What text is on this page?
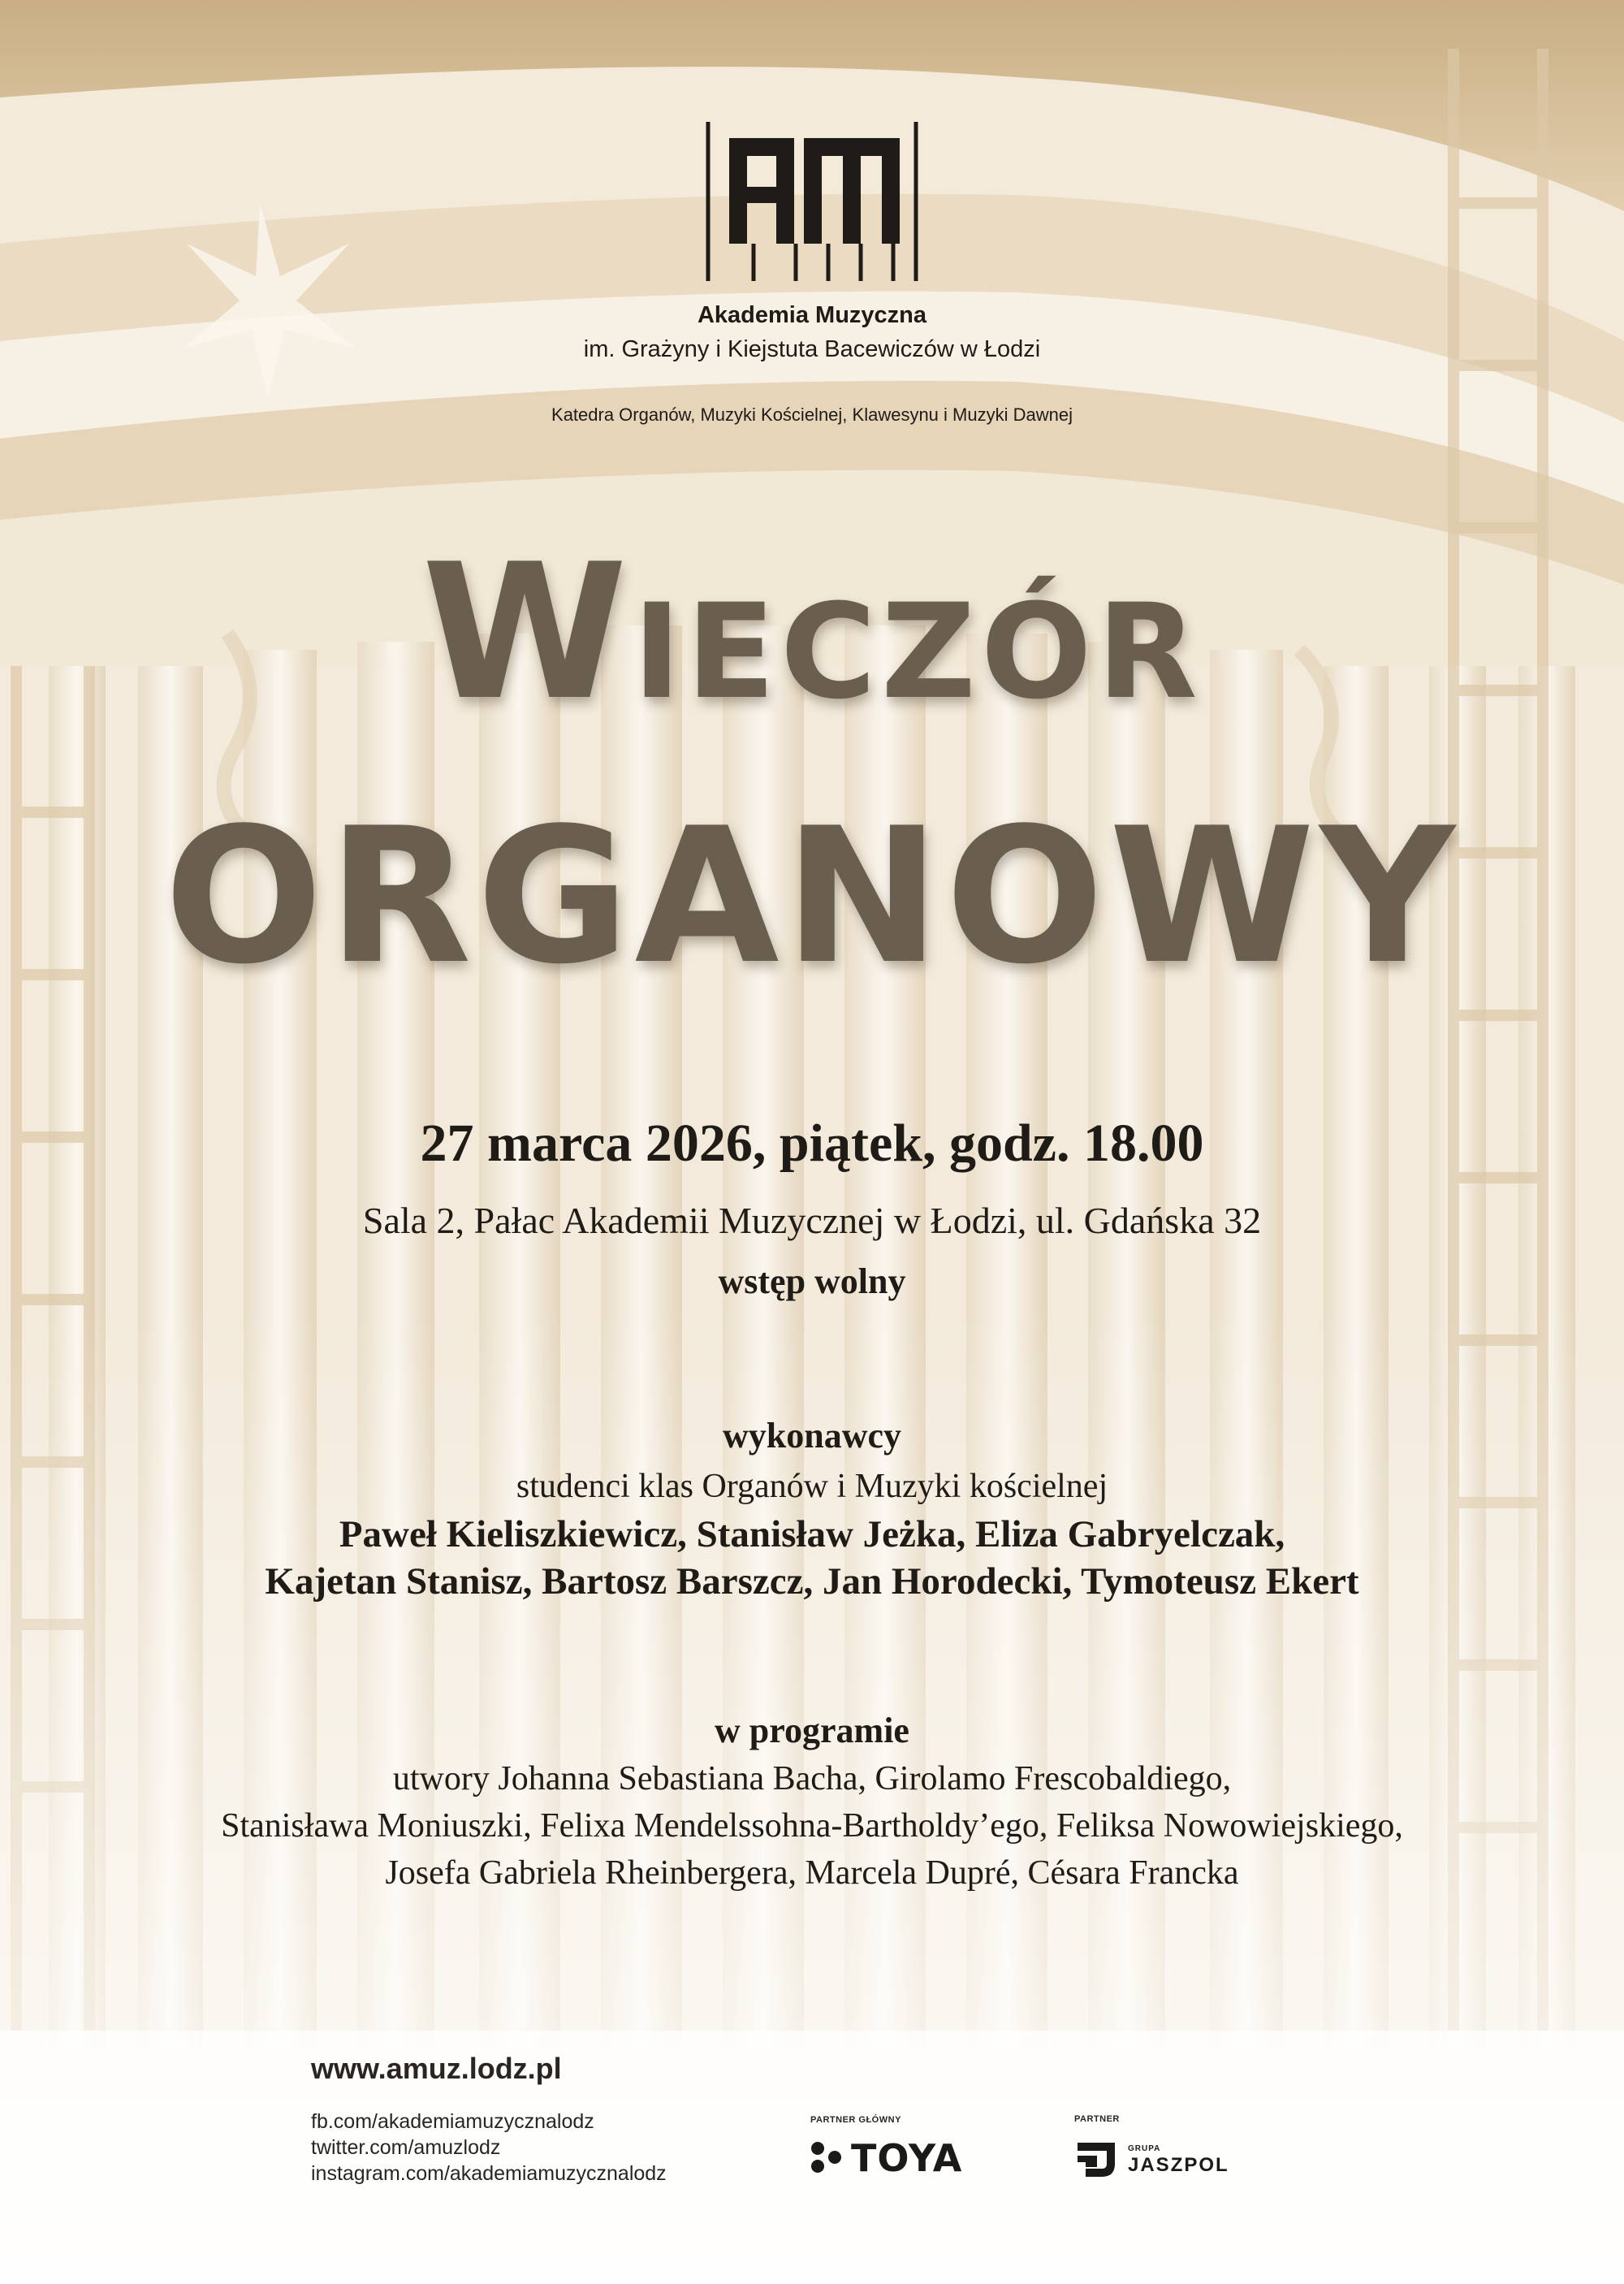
Akademia Muzyczna
im. Grażyny i Kiejstuta Bacewiczów w Łodzi
Katedra Organów, Muzyki Kościelnej, Klawesynu i Muzyki Dawnej
Wieczór
ORGANOWY
27 marca 2026, piątek, godz. 18.00
Sala 2, Pałac Akademii Muzycznej w Łodzi, ul. Gdańska 32
wstęp wolny
wykonawcy
studenci klas Organów i Muzyki kościelnej
Paweł Kieliszkiewicz, Stanisław Jeżka, Eliza Gabryelczak,
Kajetan Stanisz, Bartosz Barszcz, Jan Horodecki, Tymoteusz Ekert
w programie
utwory Johanna Sebastiana Bacha, Girolamo Frescobaldiego,
Stanisława Moniuszki, Felixa Mendelssohna-Bartholdy’ego, Feliksa Nowowiejskiego,
Josefa Gabriela Rheinbergera, Marcela Dupré, Césara Francka
www.amuz.lodz.pl
fb.com/akademiamuzycznalodz
twitter.com/amuzlodz
instagram.com/akademiamuzycznalodz
PARTNER GŁÓWNY
TOYA
PARTNER
GRUPA
JASZPOL
